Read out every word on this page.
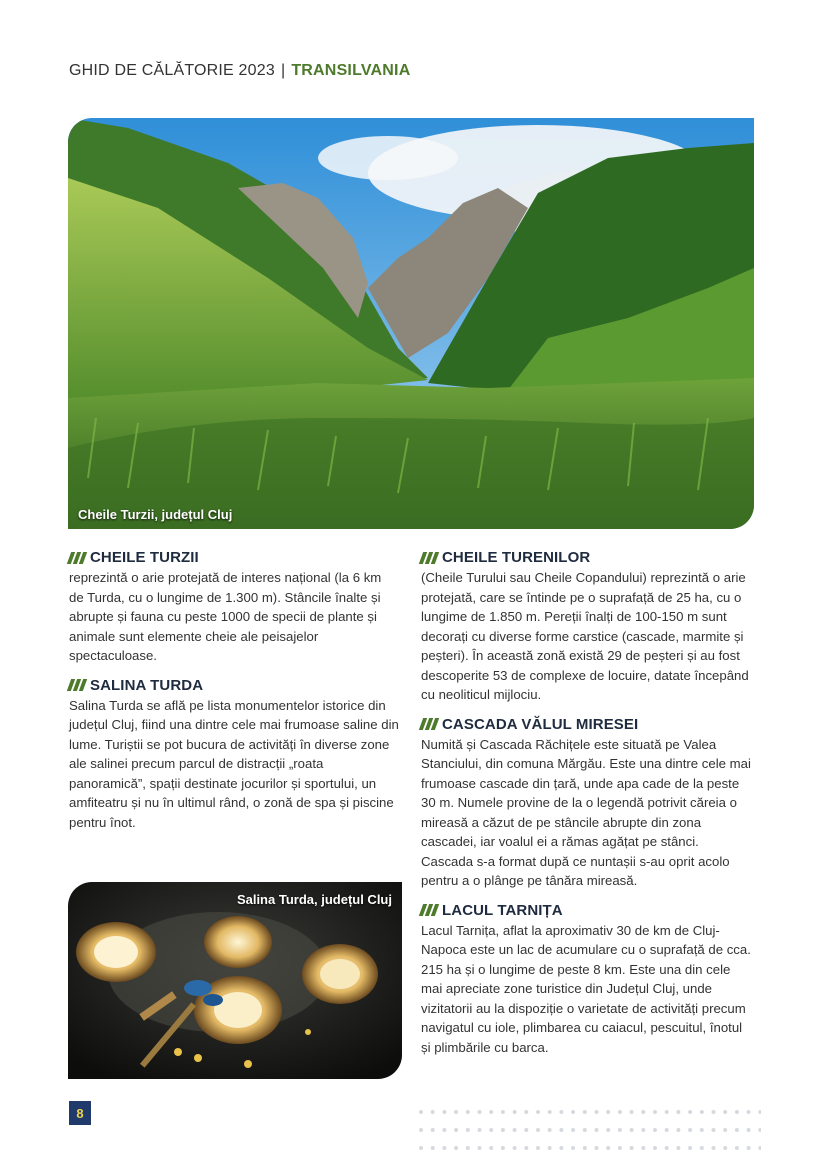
GHID DE CĂLĂTORIE 2023 | TRANSILVANIA
Cheile Turzii, județul Cluj
CHEILE TURZII

reprezintă o arie protejată de interes național (la 6 km de Turda, cu o lungime de 1.300 m). Stâncile înalte și abrupte și fauna cu peste 1000 de specii de plante și animale sunt elemente cheie ale peisajelor spectaculoase.

SALINA TURDA

Salina Turda se află pe lista monumentelor istorice din județul Cluj, fiind una dintre cele mai frumoase saline din lume. Turiștii se pot bucura de activități în diverse zone ale salinei precum parcul de distracții „roata panoramică”, spații destinate jocurilor și sportului, un amfiteatru și nu în ultimul rând, o zonă de spa și piscine pentru înot.

Salina Turda, județul Cluj
CHEILE TURENILOR

(Cheile Turului sau Cheile Copandului) reprezintă o arie protejată, care se întinde pe o suprafață de 25 ha, cu o lungime de 1.850 m. Pereții înalți de 100-150 m sunt decorați cu diverse forme carstice (cascade, marmite și peșteri). În această zonă există 29 de peșteri și au fost descoperite 53 de complexe de locuire, datate începând cu neoliticul mijlociu.

CASCADA VĂLUL MIRESEI

Numită și Cascada Răchițele este situată pe Valea Stanciului, din comuna Mărgău. Este una dintre cele mai frumoase cascade din țară, unde apa cade de la peste 30 m. Numele provine de la o legendă potrivit căreia o mireasă a căzut de pe stâncile abrupte din zona cascadei, iar voalul ei a rămas agățat pe stânci. Cascada s-a format după ce nuntașii s-au oprit acolo pentru a o plânge pe tânăra mireasă.

LACUL TARNIȚA

Lacul Tarnița, aflat la aproximativ 30 de km de Cluj-Napoca este un lac de acumulare cu o suprafață de cca. 215 ha și o lungime de peste 8 km. Este una din cele mai apreciate zone turistice din Județul Cluj, unde vizitatorii au la dispoziție o varietate de activități precum navigatul cu iole, plimbarea cu caiacul, pescuitul, înotul și plimbările cu barca.

8
